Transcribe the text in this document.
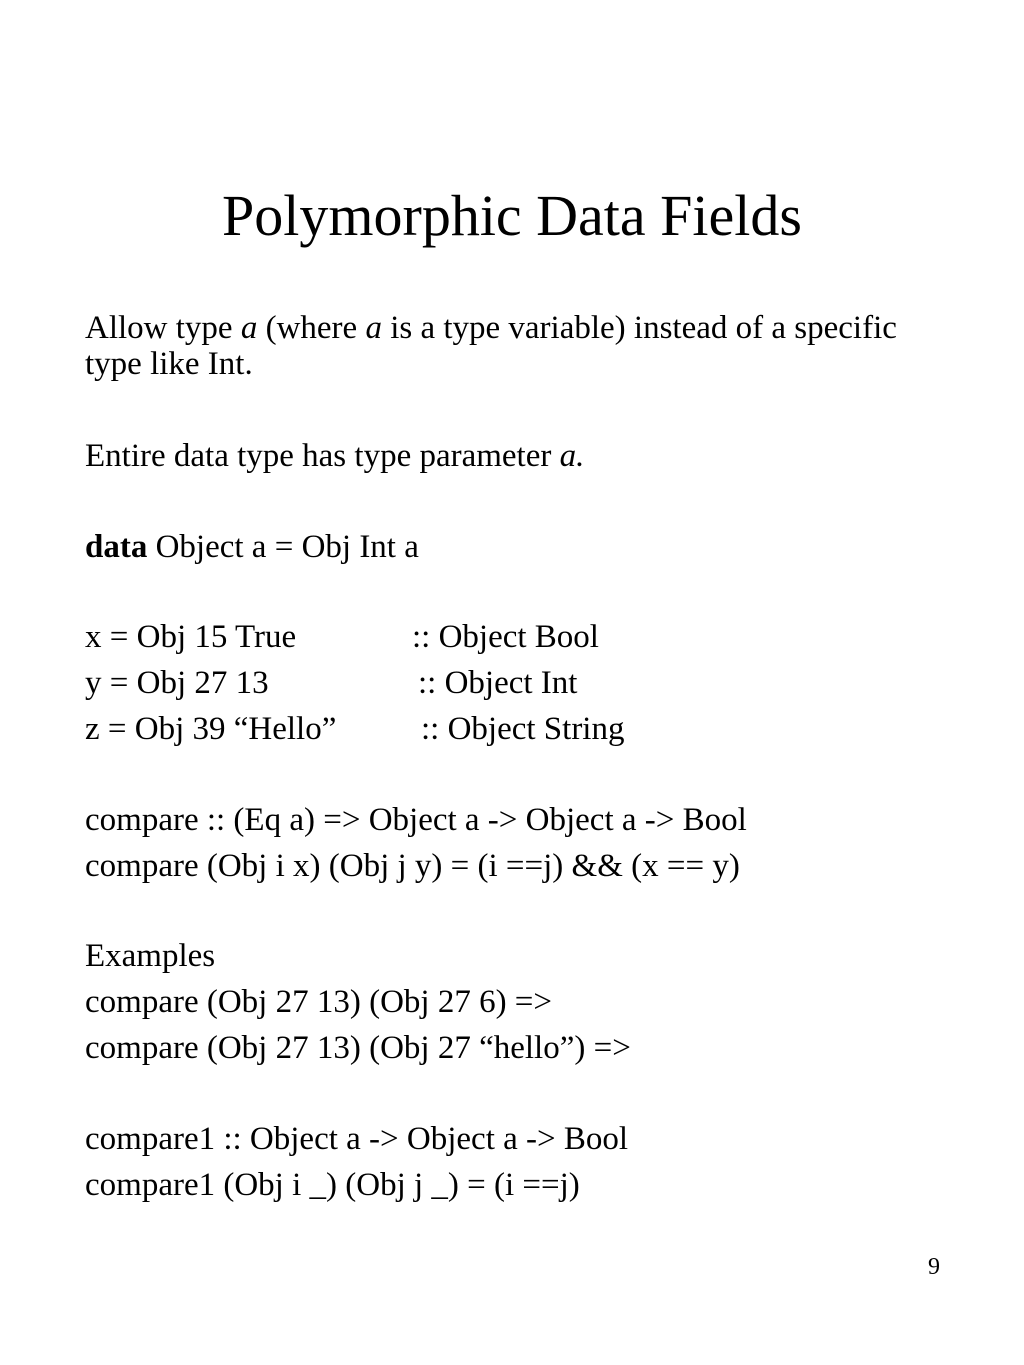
Polymorphic Data Fields
Allow type a (where a is a type variable) instead of a specific type like Int.
Entire data type has type parameter a.
data Object a = Obj Int a
x = Obj 15 True	:: Object Bool
y = Obj 27 13	:: Object Int
z = Obj 39 “Hello”	:: Object String
compare :: (Eq a) => Object a -> Object a -> Bool
compare (Obj i x) (Obj j y) = (i ==j) && (x == y)
Examples
compare (Obj 27 13) (Obj 27 6) =>
compare (Obj 27 13) (Obj 27 “hello”) =>
compare1 :: Object a -> Object a -> Bool
compare1 (Obj i _) (Obj j _) = (i ==j)
9
